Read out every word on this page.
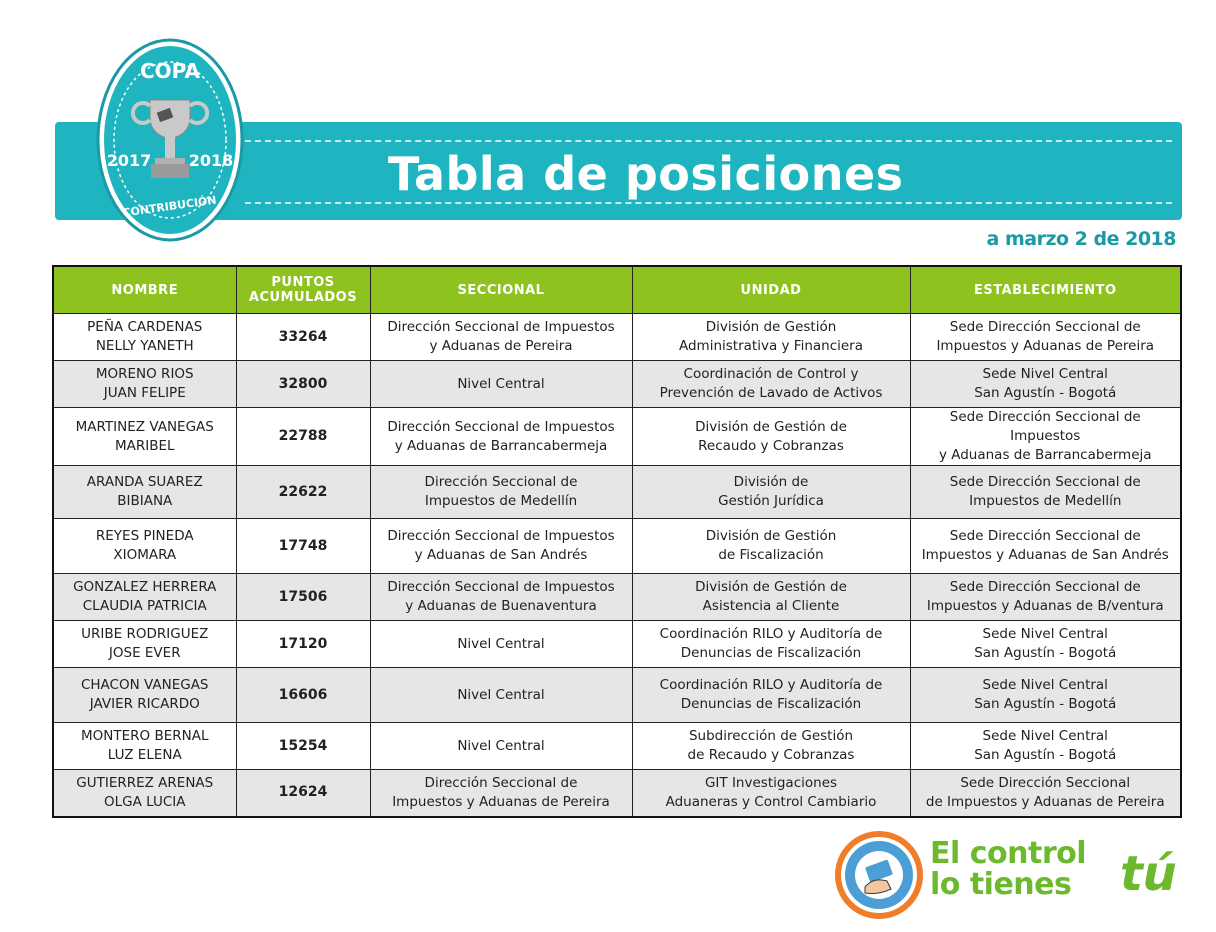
Tabla de posiciones
a marzo 2 de 2018
COPA
2017 2018
CONTRIBUCIÓN
NOMBRE	PUNTOS ACUMULADOS	SECCIONAL	UNIDAD	ESTABLECIMIENTO

PEÑA CARDENAS
NELLY YANETH	33264	Dirección Seccional de Impuestos
y Aduanas de Pereira	División de Gestión
Administrativa y Financiera	Sede Dirección Seccional de
Impuestos y Aduanas de Pereira

MORENO RIOS
JUAN FELIPE	32800	Nivel Central	Coordinación de Control y
Prevención de Lavado de Activos	Sede Nivel Central
San Agustín - Bogotá

MARTINEZ VANEGAS
MARIBEL	22788	Dirección Seccional de Impuestos
y Aduanas de Barrancabermeja	División de Gestión de
Recaudo y Cobranzas	Sede Dirección Seccional de Impuestos
y Aduanas de Barrancabermeja

ARANDA SUAREZ
BIBIANA	22622	Dirección Seccional de
Impuestos de Medellín	División de
Gestión Jurídica	Sede Dirección Seccional de
Impuestos de Medellín

REYES PINEDA
XIOMARA	17748	Dirección Seccional de Impuestos
y Aduanas de San Andrés	División de Gestión
de Fiscalización	Sede Dirección Seccional de
Impuestos y Aduanas de San Andrés

GONZALEZ HERRERA
CLAUDIA PATRICIA	17506	Dirección Seccional de Impuestos
y Aduanas de Buenaventura	División de Gestión de
Asistencia al Cliente	Sede Dirección Seccional de
Impuestos y Aduanas de B/ventura

URIBE RODRIGUEZ
JOSE EVER	17120	Nivel Central	Coordinación RILO y Auditoría de
Denuncias de Fiscalización	Sede Nivel Central
San Agustín - Bogotá

CHACON VANEGAS
JAVIER RICARDO	16606	Nivel Central	Coordinación RILO y Auditoría de
Denuncias de Fiscalización	Sede Nivel Central
San Agustín - Bogotá

MONTERO BERNAL
LUZ ELENA	15254	Nivel Central	Subdirección de Gestión
de Recaudo y Cobranzas	Sede Nivel Central
San Agustín - Bogotá

GUTIERREZ ARENAS
OLGA LUCIA	12624	Dirección Seccional de
Impuestos y Aduanas de Pereira	GIT Investigaciones
Aduaneras y Control Cambiario	Sede Dirección Seccional
de Impuestos y Aduanas de Pereira
El control
lo tienes	tú
